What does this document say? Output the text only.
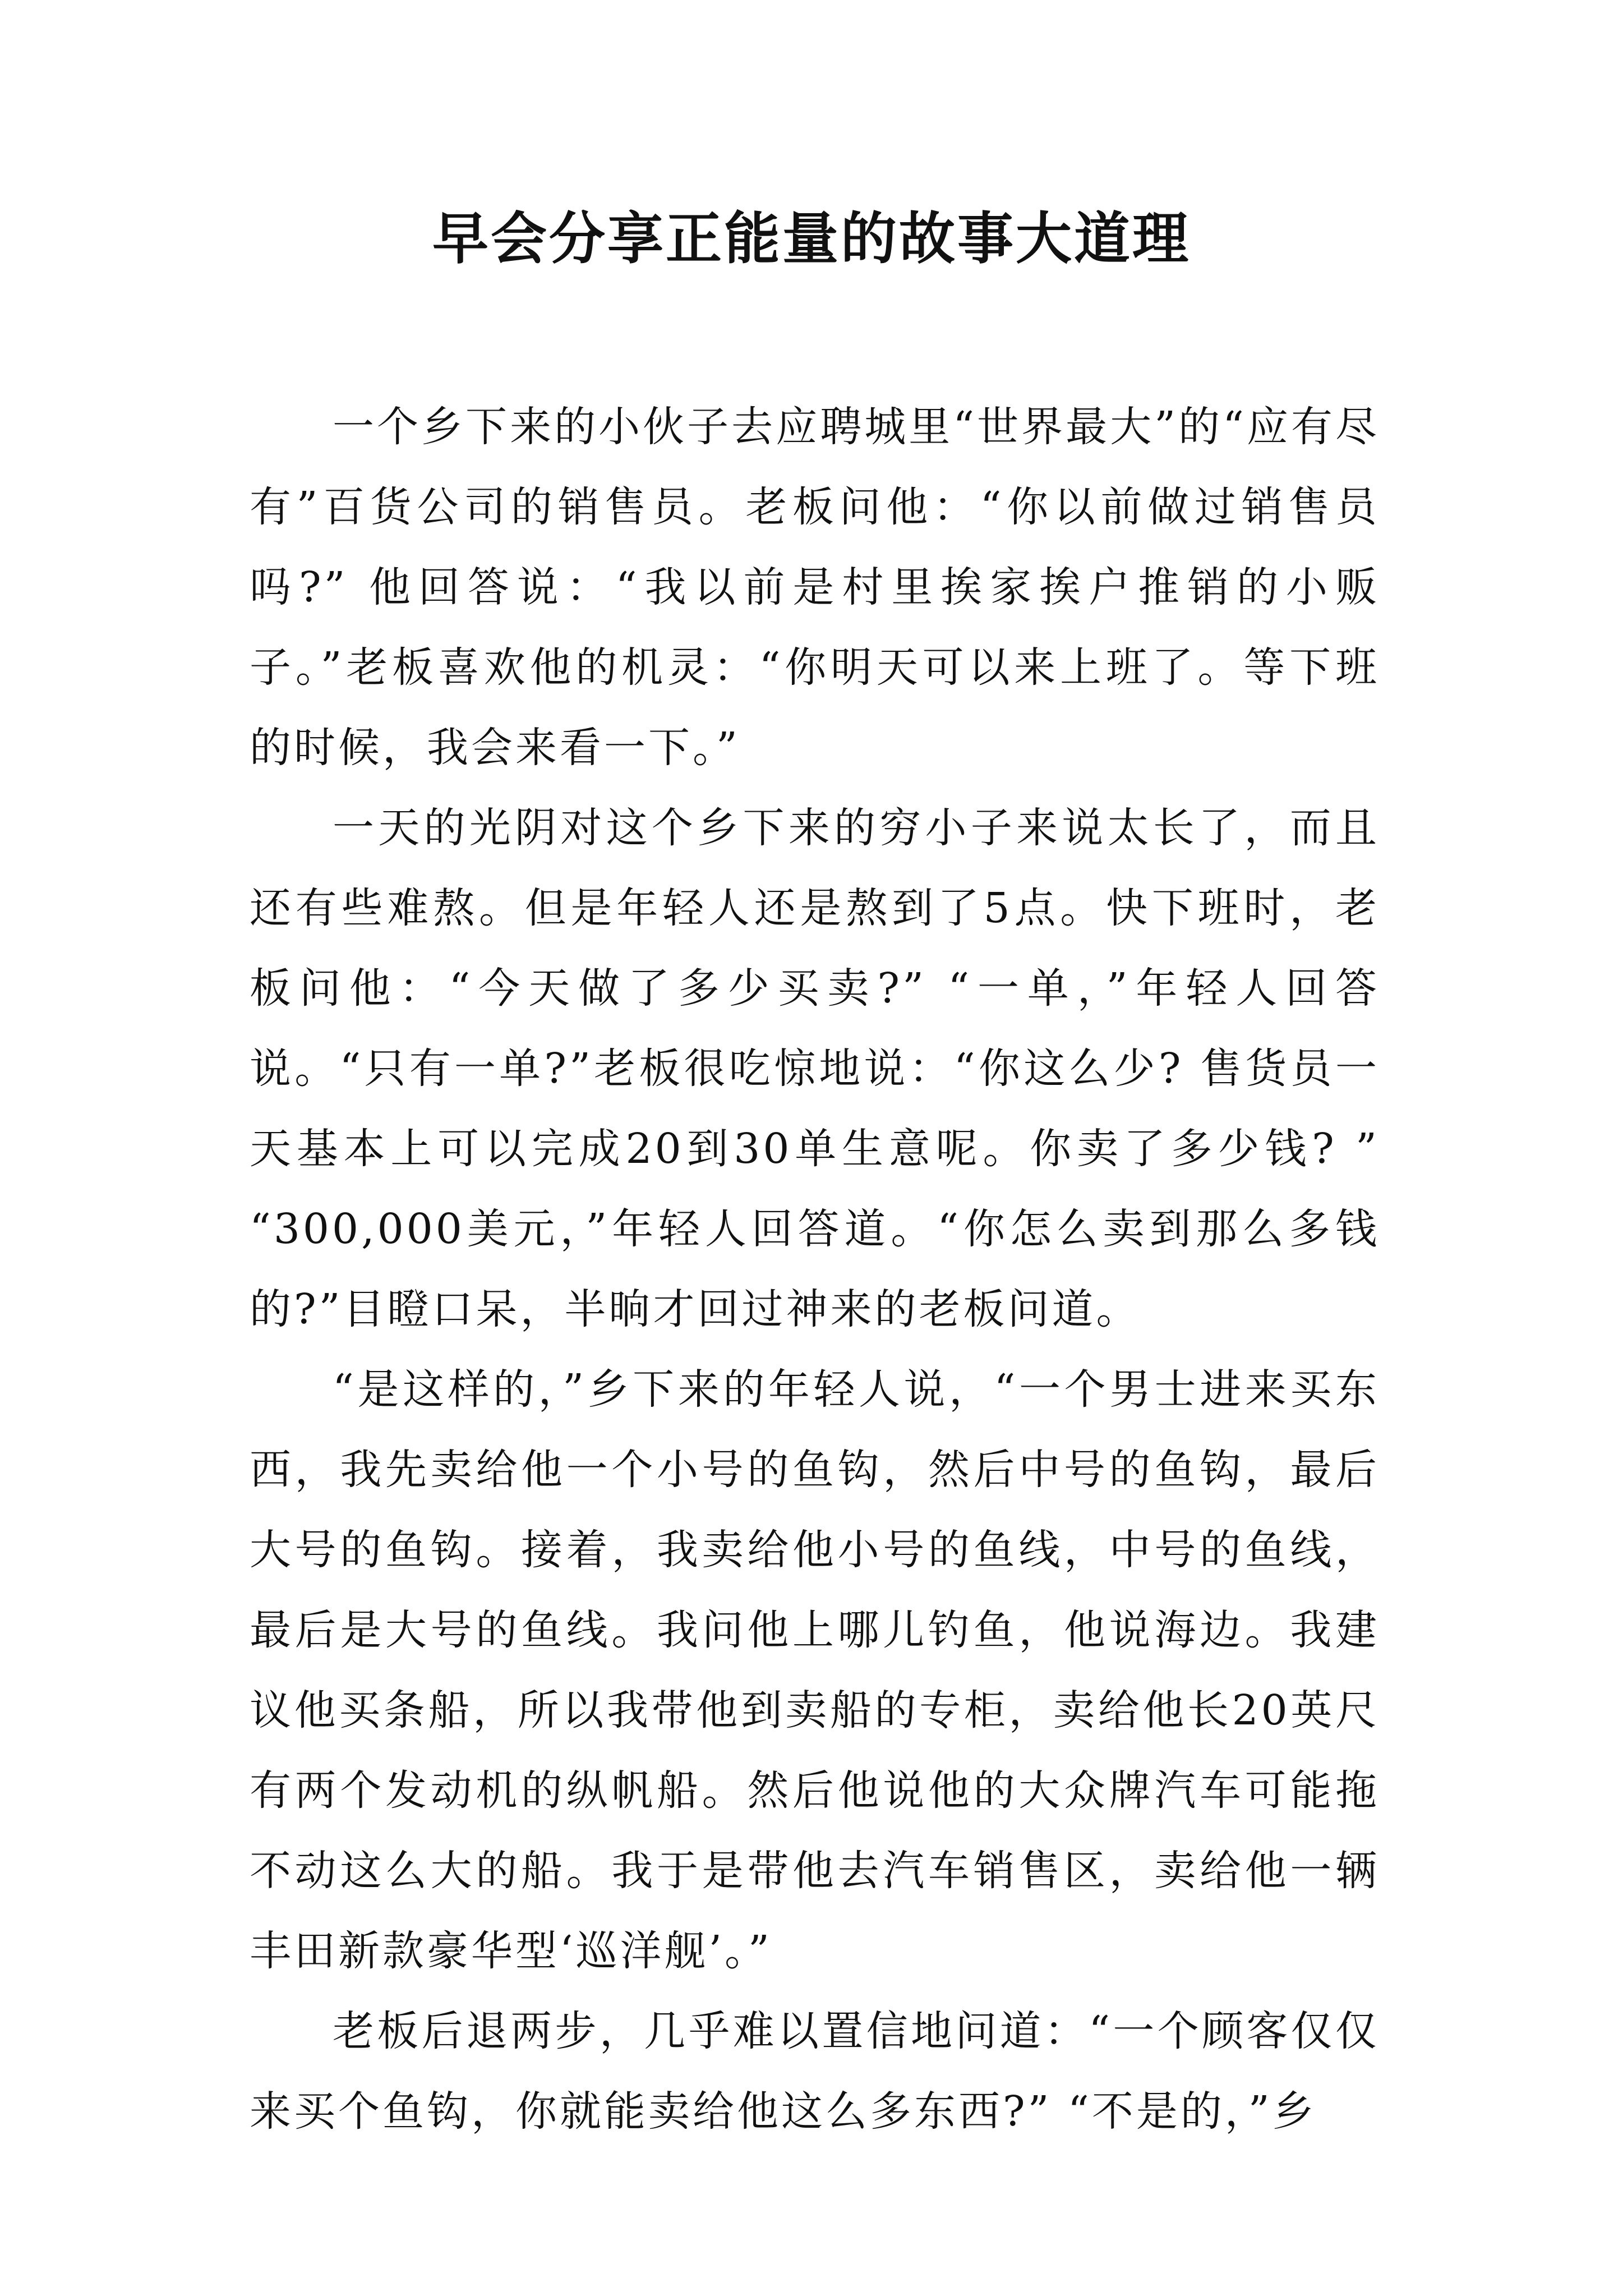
早会分享正能量的故事大道理

一个乡下来的小伙子去应聘城里“世界最大”的“应有尽有”百货公司的销售员。老板问他：“你以前做过销售员吗?” 他回答说：“我以前是村里挨家挨户推销的小贩子。”老板喜欢他的机灵：“你明天可以来上班了。等下班的时候，我会来看一下。”

一天的光阴对这个乡下来的穷小子来说太长了，而且还有些难熬。但是年轻人还是熬到了5点。快下班时，老板问他：“今天做了多少买卖?” “一单，”年轻人回答说。“只有一单?”老板很吃惊地说：“你这么少? 售货员一天基本上可以完成20到30单生意呢。你卖了多少钱? ” “300,000美元，”年轻人回答道。“你怎么卖到那么多钱的?”目瞪口呆，半晌才回过神来的老板问道。

“是这样的，”乡下来的年轻人说，“一个男士进来买东西，我先卖给他一个小号的鱼钩，然后中号的鱼钩，最后大号的鱼钩。接着，我卖给他小号的鱼线，中号的鱼线，最后是大号的鱼线。我问他上哪儿钓鱼，他说海边。我建议他买条船，所以我带他到卖船的专柜，卖给他长20英尺有两个发动机的纵帆船。然后他说他的大众牌汽车可能拖不动这么大的船。我于是带他去汽车销售区，卖给他一辆丰田新款豪华型‘巡洋舰’。”

老板后退两步，几乎难以置信地问道：“一个顾客仅仅来买个鱼钩，你就能卖给他这么多东西?” “不是的，”乡
